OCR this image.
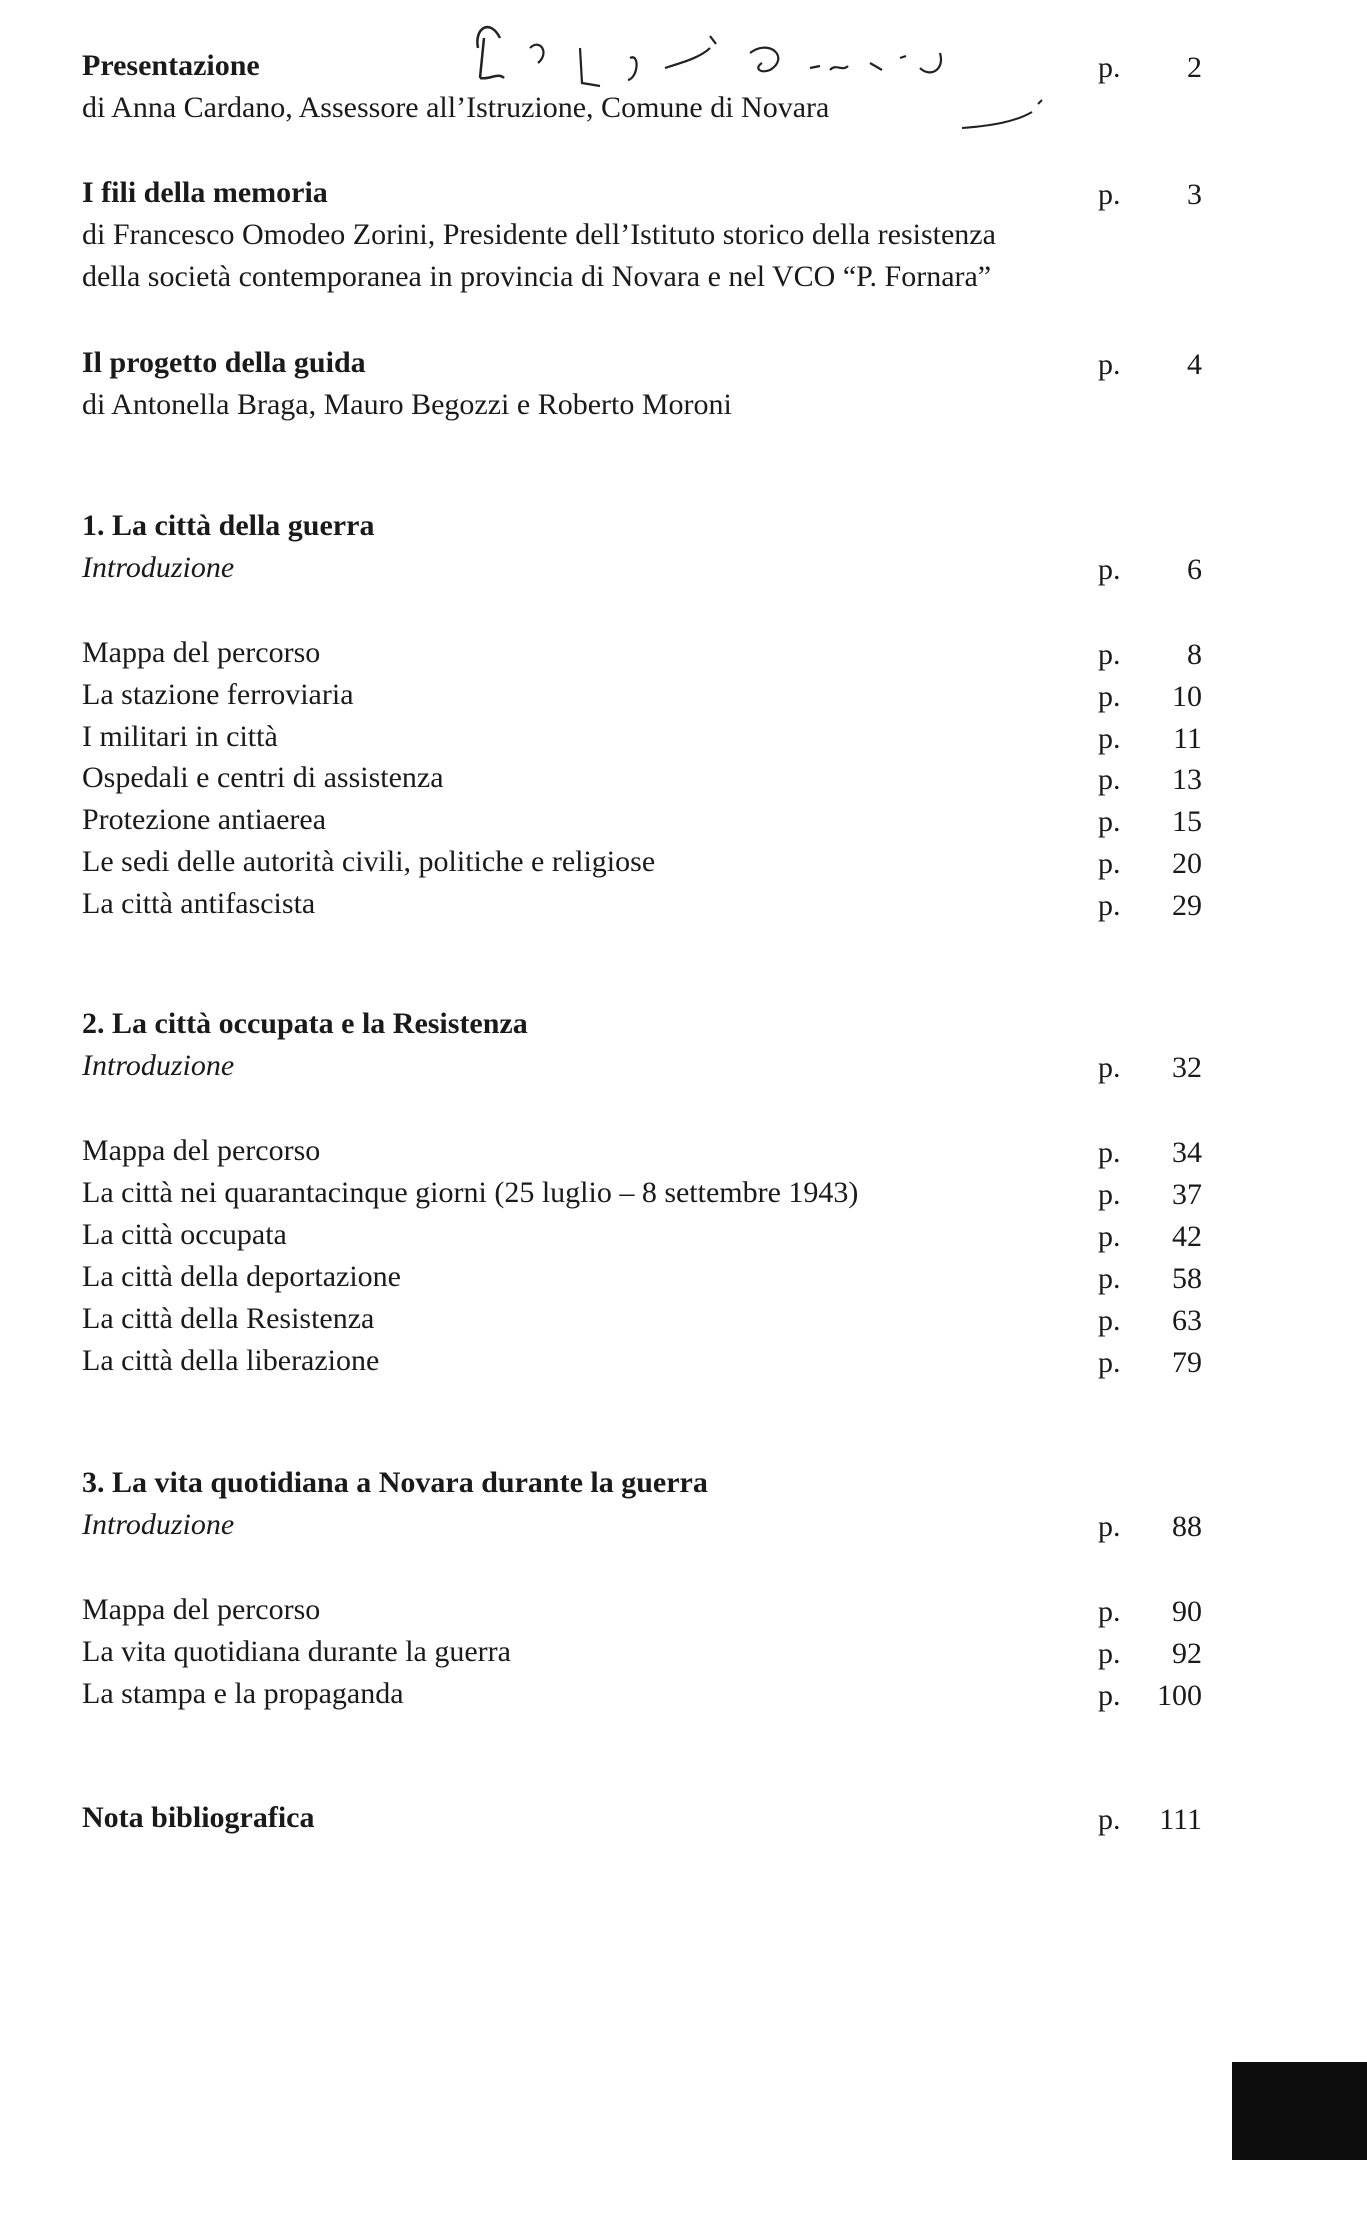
Presentazione	p. 2
di Anna Cardano, Assessore all’Istruzione, Comune di Novara
I fili della memoria	p. 3
di Francesco Omodeo Zorini, Presidente dell’Istituto storico della resistenza
della società contemporanea in provincia di Novara e nel VCO “P. Fornara”
Il progetto della guida	p. 4
di Antonella Braga, Mauro Begozzi e Roberto Moroni
1. La città della guerra
Introduzione	p. 6
Mappa del percorso	p. 8
La stazione ferroviaria	p. 10
I militari in città	p. 11
Ospedali e centri di assistenza	p. 13
Protezione antiaerea	p. 15
Le sedi delle autorità civili, politiche e religiose	p. 20
La città antifascista	p. 29
2. La città occupata e la Resistenza
Introduzione	p. 32
Mappa del percorso	p. 34
La città nei quarantacinque giorni (25 luglio – 8 settembre 1943)	p. 37
La città occupata	p. 42
La città della deportazione	p. 58
La città della Resistenza	p. 63
La città della liberazione	p. 79
3. La vita quotidiana a Novara durante la guerra
Introduzione	p. 88
Mappa del percorso	p. 90
La vita quotidiana durante la guerra	p. 92
La stampa e la propaganda	p. 100
Nota bibliografica	p. 111
